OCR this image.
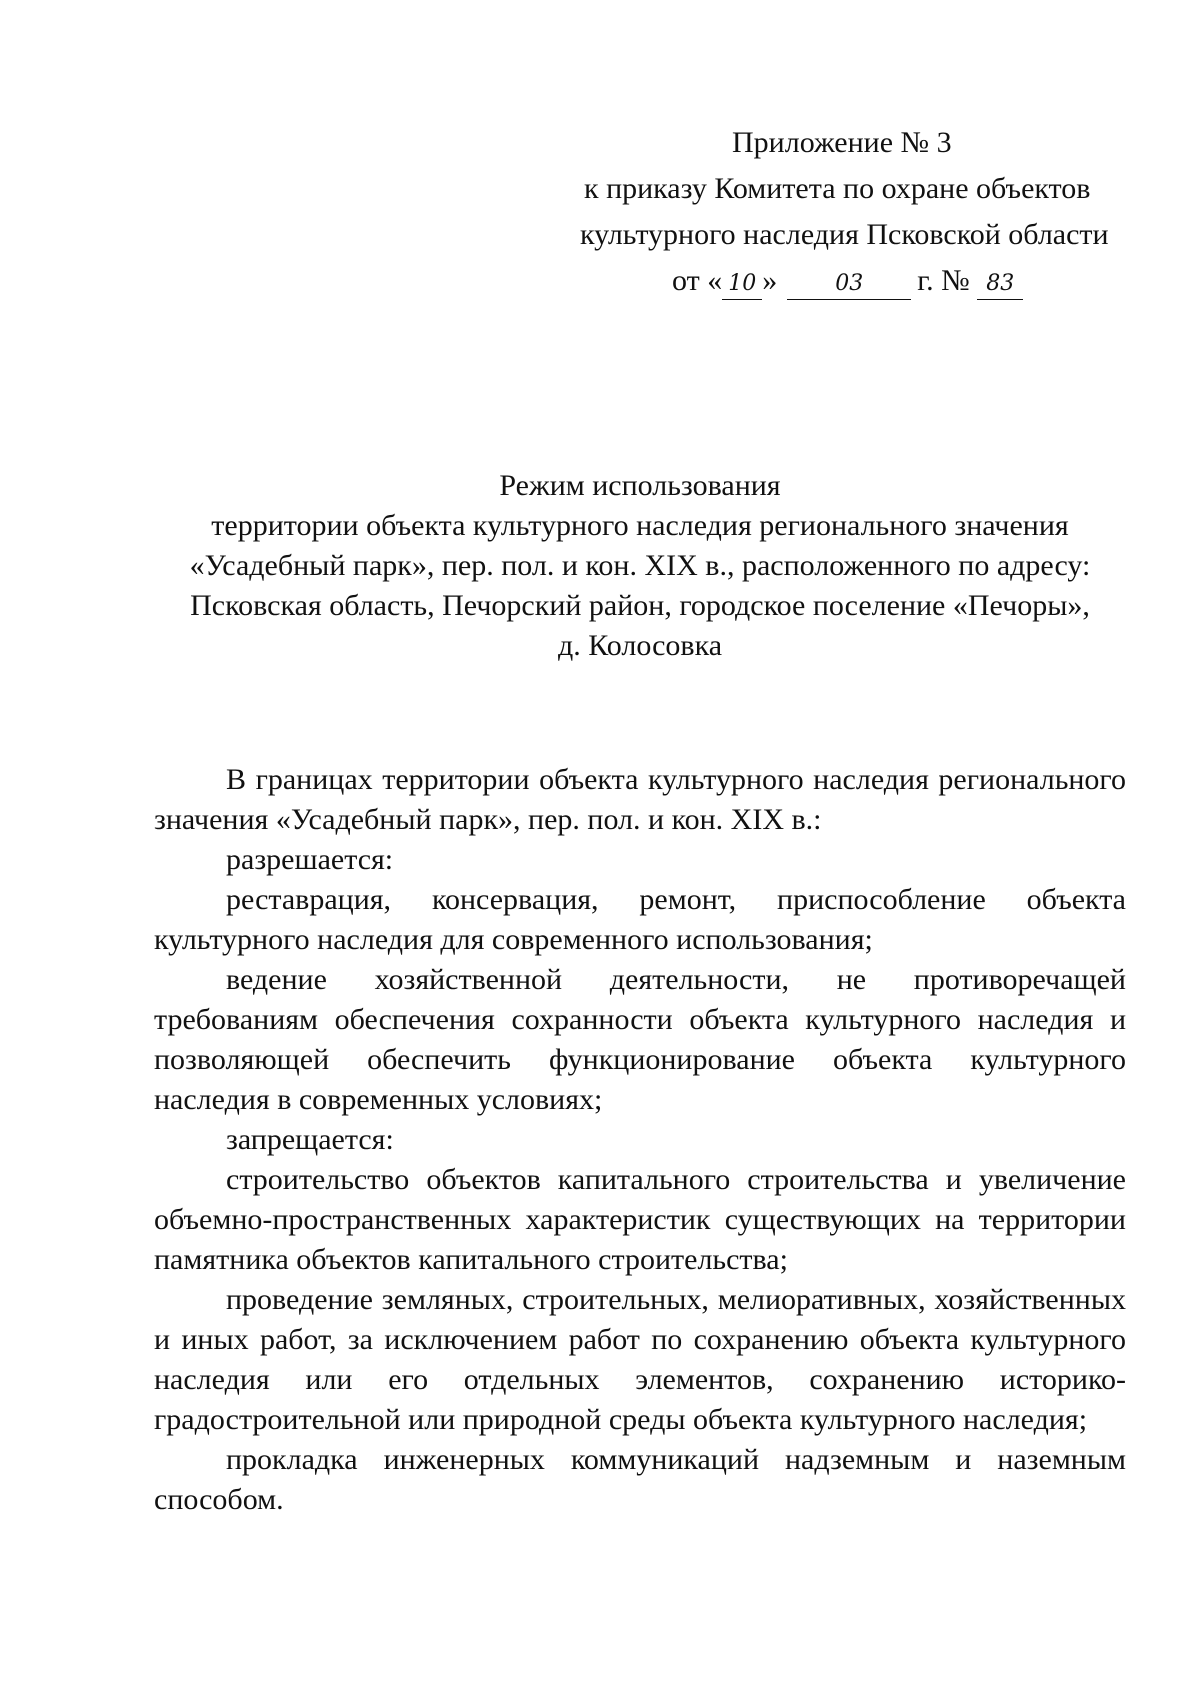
Приложение № 3
к приказу Комитета по охране объектов
культурного наследия Псковской области
от « 10 »	03 г. № 83
Режим использования
территории объекта культурного наследия регионального значения
«Усадебный парк», пер. пол. и кон. XIX в., расположенного по адресу:
Псковская область, Печорский район, городское поселение «Печоры»,
д. Колосовка

В границах территории объекта культурного наследия регионального значения «Усадебный парк», пер. пол. и кон. XIX в.:

разрешается:

реставрация, консервация, ремонт, приспособление объекта культурного наследия для современного использования;

ведение хозяйственной деятельности, не противоречащей требованиям обеспечения сохранности объекта культурного наследия и позволяющей обеспечить функционирование объекта культурного наследия в современных условиях;

запрещается:

строительство объектов капитального строительства и увеличение объемно-пространственных характеристик существующих на территории памятника объектов капитального строительства;

проведение земляных, строительных, мелиоративных, хозяйственных и иных работ, за исключением работ по сохранению объекта культурного наследия или его отдельных элементов, сохранению историко-градостроительной или природной среды объекта культурного наследия;

прокладка инженерных коммуникаций надземным и наземным способом.
